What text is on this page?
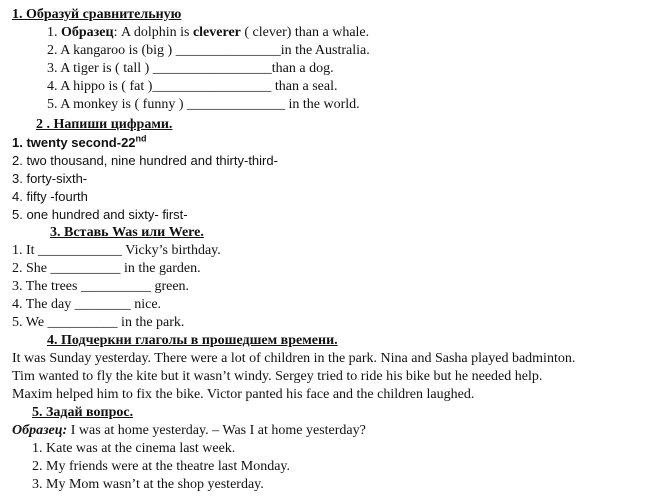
1. Образуй сравнительную
1. Образец: A dolphin is cleverer ( clever) than a whale.
2. A kangaroo is (big ) _______________in the Australia.
3. A tiger is ( tall ) _________________than a dog.
4. A hippo is ( fat )_________________ than a seal.
5. A monkey is ( funny ) ______________ in the world.
2 . Напиши цифрами.
1. twenty second-22nd
2. two thousand, nine hundred and thirty-third-
3. forty-sixth-
4. fifty -fourth
5. one hundred and sixty- first-
3. Вставь Was или Were.
1. It ____________ Vicky’s birthday.
2. She __________ in the garden.
3. The trees __________ green.
4. The day ________ nice.
5. We __________ in the park.
4. Подчеркни глаголы в прошедшем времени.
It was Sunday yesterday. There were a lot of children in the park. Nina and Sasha played badminton.
Tim wanted to fly the kite but it wasn’t windy. Sergey tried to ride his bike but he needed help.
Maxim helped him to fix the bike. Victor panted his face and the children laughed.
5. Задай вопрос.
Образец: I was at home yesterday. – Was I at home yesterday?
1. Kate was at the cinema last week.
2. My friends were at the theatre last Monday.
3. My Mom wasn’t at the shop yesterday.
